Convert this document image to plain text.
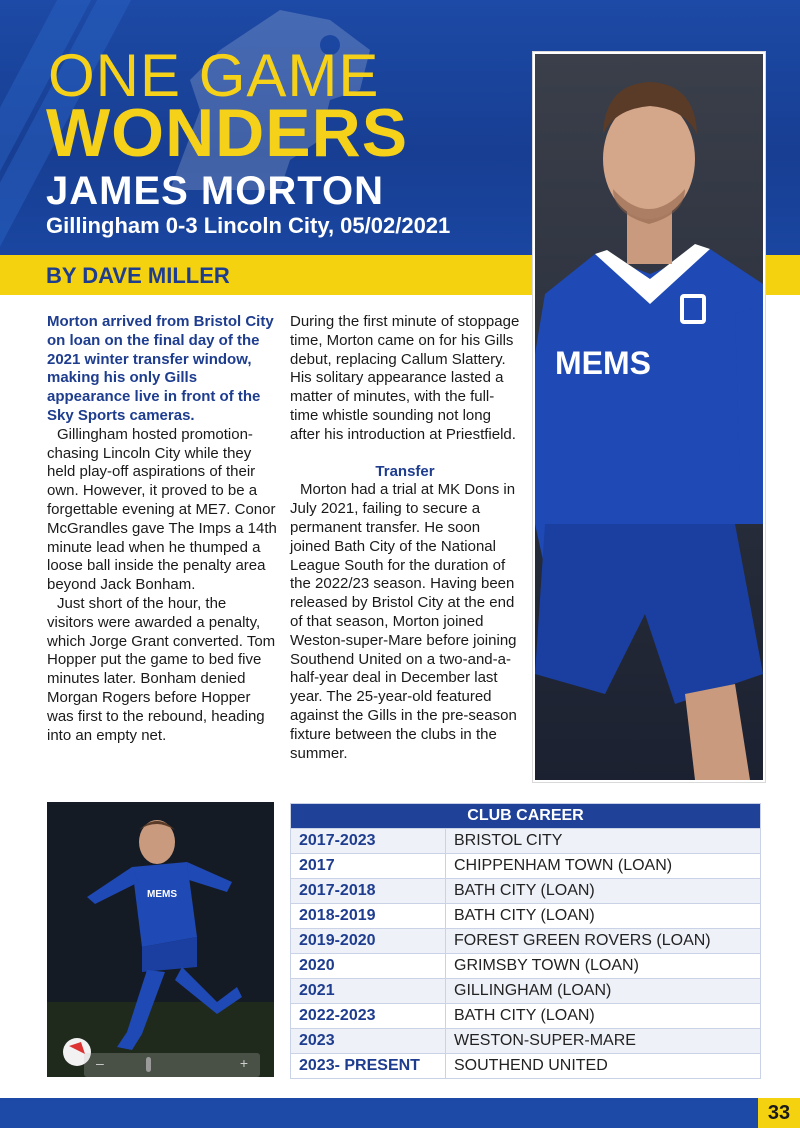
ONE GAME
WONDERS
JAMES MORTON
Gillingham 0-3 Lincoln City, 05/02/2021
BY DAVE MILLER
MEMS

Morton arrived from Bristol City on loan on the final day of the 2021 winter transfer window, making his only Gills appearance live in front of the Sky Sports cameras.

Gillingham hosted promotion-chasing Lincoln City while they held play-off aspirations of their own. However, it proved to be a forgettable evening at ME7. Conor McGrandles gave The Imps a 14th minute lead when he thumped a loose ball inside the penalty area beyond Jack Bonham.

Just short of the hour, the visitors were awarded a penalty, which Jorge Grant converted. Tom Hopper put the game to bed five minutes later. Bonham denied Morgan Rogers before Hopper was first to the rebound, heading into an empty net.

During the first minute of stoppage time, Morton came on for his Gills debut, replacing Callum Slattery. His solitary appearance lasted a matter of minutes, with the full-time whistle sounding not long after his introduction at Priestfield.

Transfer

Morton had a trial at MK Dons in July 2021, failing to secure a permanent transfer. He soon joined Bath City of the National League South for the duration of the 2022/23 season. Having been released by Bristol City at the end of that season, Morton joined Weston-super-Mare before joining Southend United on a two-and-a-half-year deal in December last year. The 25-year-old featured against the Gills in the pre-season fixture between the clubs in the summer.

MEMS
–	+
CLUB CAREER	
2017-2023	BRISTOL CITY
2017	CHIPPENHAM TOWN (LOAN)
2017-2018	BATH CITY (LOAN)
2018-2019	BATH CITY (LOAN)
2019-2020	FOREST GREEN ROVERS (LOAN)
2020	GRIMSBY TOWN (LOAN)
2021	GILLINGHAM (LOAN)
2022-2023	BATH CITY (LOAN)
2023	WESTON-SUPER-MARE
2023- PRESENT	SOUTHEND UNITED
33
